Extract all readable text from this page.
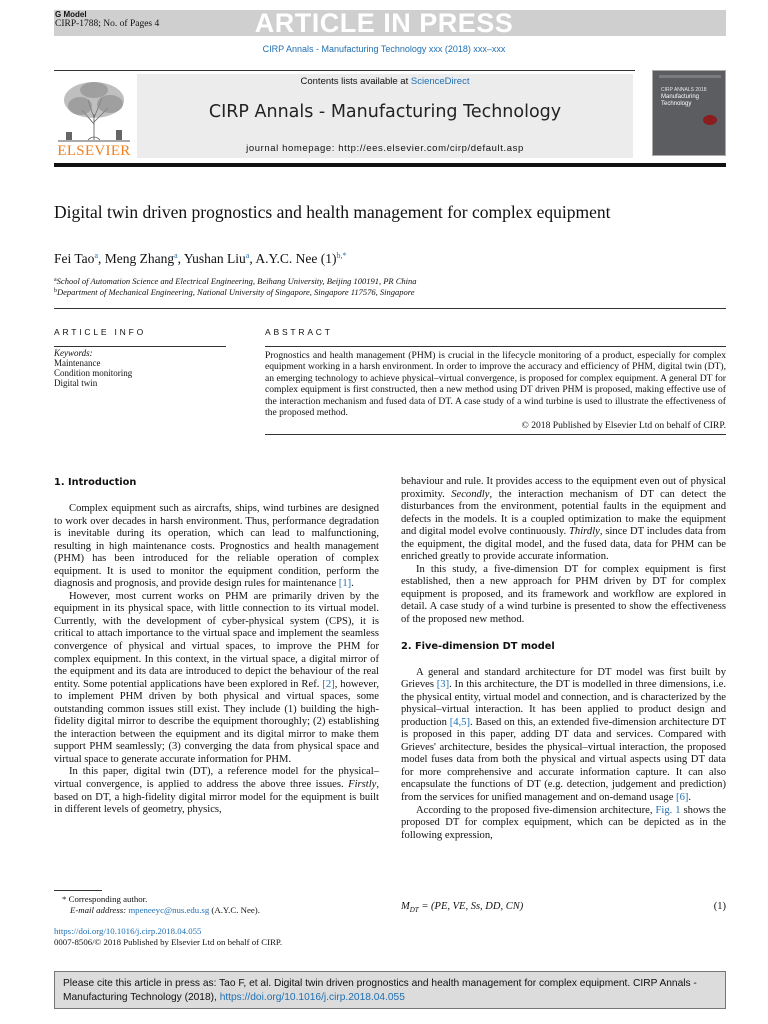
G Model
CIRP-1788; No. of Pages 4	ARTICLE IN PRESS
CIRP Annals - Manufacturing Technology xxx (2018) xxx–xxx
ELSEVIER
Contents lists available at ScienceDirect
CIRP Annals - Manufacturing Technology
journal homepage: http://ees.elsevier.com/cirp/default.asp
CIRP ANNALS 2018
Manufacturing
Technology
Digital twin driven prognostics and health management for complex equipment
Fei Tao$^a$, Meng Zhang$^a$, Yushan Liu$^a$, A.Y.C. Nee $(1)^{b,*}$
$^a$School of Automation Science and Electrical Engineering, Beihang University, Beijing 100191, PR China
$^b$Department of Mechanical Engineering, National University of Singapore, Singapore 117576, Singapore
ARTICLE INFO
Keywords:
Maintenance
Condition monitoring
Digital twin
ABSTRACT
Prognostics and health management (PHM) is crucial in the lifecycle monitoring of a product, especially for complex equipment working in a harsh environment. In order to improve the accuracy and efficiency of PHM, digital twin (DT), an emerging technology to achieve physical–virtual convergence, is proposed for complex equipment. A general DT for complex equipment is first constructed, then a new method using DT driven PHM is proposed, making effective use of the interaction mechanism and fused data of DT. A case study of a wind turbine is used to illustrate the effectiveness of the proposed method.
© 2018 Published by Elsevier Ltd on behalf of CIRP.
1. Introduction

Complex equipment such as aircrafts, ships, wind turbines are designed to work over decades in harsh environment. Thus, performance degradation is inevitable during its operation, which can lead to malfunctioning, resulting in high maintenance costs. Prognostics and health management (PHM) has been introduced for the reliable operation of complex equipment. It is used to monitor the equipment condition, perform the diagnosis and prognosis, and provide design rules for maintenance [1].

However, most current works on PHM are primarily driven by the equipment in its physical space, with little connection to its virtual model. Currently, with the development of cyber-physical system (CPS), it is critical to attach importance to the virtual space and implement the seamless convergence of physical and virtual spaces, to improve the PHM for complex equipment. In this context, in the virtual space, a digital mirror of the equipment and its data are introduced to depict the behaviour of the real entity. Some potential applications have been explored in Ref. [2], however, to implement PHM driven by both physical and virtual spaces, some outstanding common issues still exist. They include (1) building the high-fidelity digital mirror to describe the equipment thoroughly; (2) establishing the interaction between the equipment and its digital mirror to make them support PHM seamlessly; (3) converging the data from physical space and virtual space to generate accurate information for PHM.

In this paper, digital twin (DT), a reference model for the physical–virtual convergence, is applied to address the above three issues. Firstly, based on DT, a high-fidelity digital mirror model for the equipment is built in different levels of geometry, physics,

behaviour and rule. It provides access to the equipment even out of physical proximity. Secondly, the interaction mechanism of DT can detect the disturbances from the environment, potential faults in the equipment and defects in the models. It is a coupled optimization to make the equipment and digital model evolve continuously. Thirdly, since DT includes data from the equipment, the digital model, and the fused data, data for PHM can be enriched greatly to provide accurate information.

In this study, a five-dimension DT for complex equipment is first established, then a new approach for PHM driven by DT for complex equipment is proposed, and its framework and workflow are explored in detail. A case study of a wind turbine is presented to show the effectiveness of the proposed new method.

2. Five-dimension DT model

A general and standard architecture for DT model was first built by Grieves [3]. In this architecture, the DT is modelled in three dimensions, i.e. the physical entity, virtual model and connection, and is characterized by the physical–virtual interaction. It has been applied to product design and production [4,5]. Based on this, an extended five-dimension architecture DT is proposed in this paper, adding DT data and services. Compared with Grieves' architecture, besides the physical–virtual interaction, the proposed model fuses data from both the physical and virtual aspects using DT data for more comprehensive and accurate information capture. It can also encapsulate the functions of DT (e.g. detection, judgement and prediction) from the services for unified management and on-demand usage [6].

According to the proposed five-dimension architecture, Fig. 1 shows the proposed DT for complex equipment, which can be depicted as in the following expression,

* Corresponding author.
E-mail address: mpeneeyc@nus.edu.sg (A.Y.C. Nee).	$M_{DT} = (PE$, VE, Ss, DD, CN)	(1)
https://doi.org/10.1016/j.cirp.2018.04.055
0007-8506/© 2018 Published by Elsevier Ltd on behalf of CIRP.
Please cite this article in press as: Tao F, et al. Digital twin driven prognostics and health management for complex equipment. CIRP Annals - Manufacturing Technology (2018), https://doi.org/10.1016/j.cirp.2018.04.055
